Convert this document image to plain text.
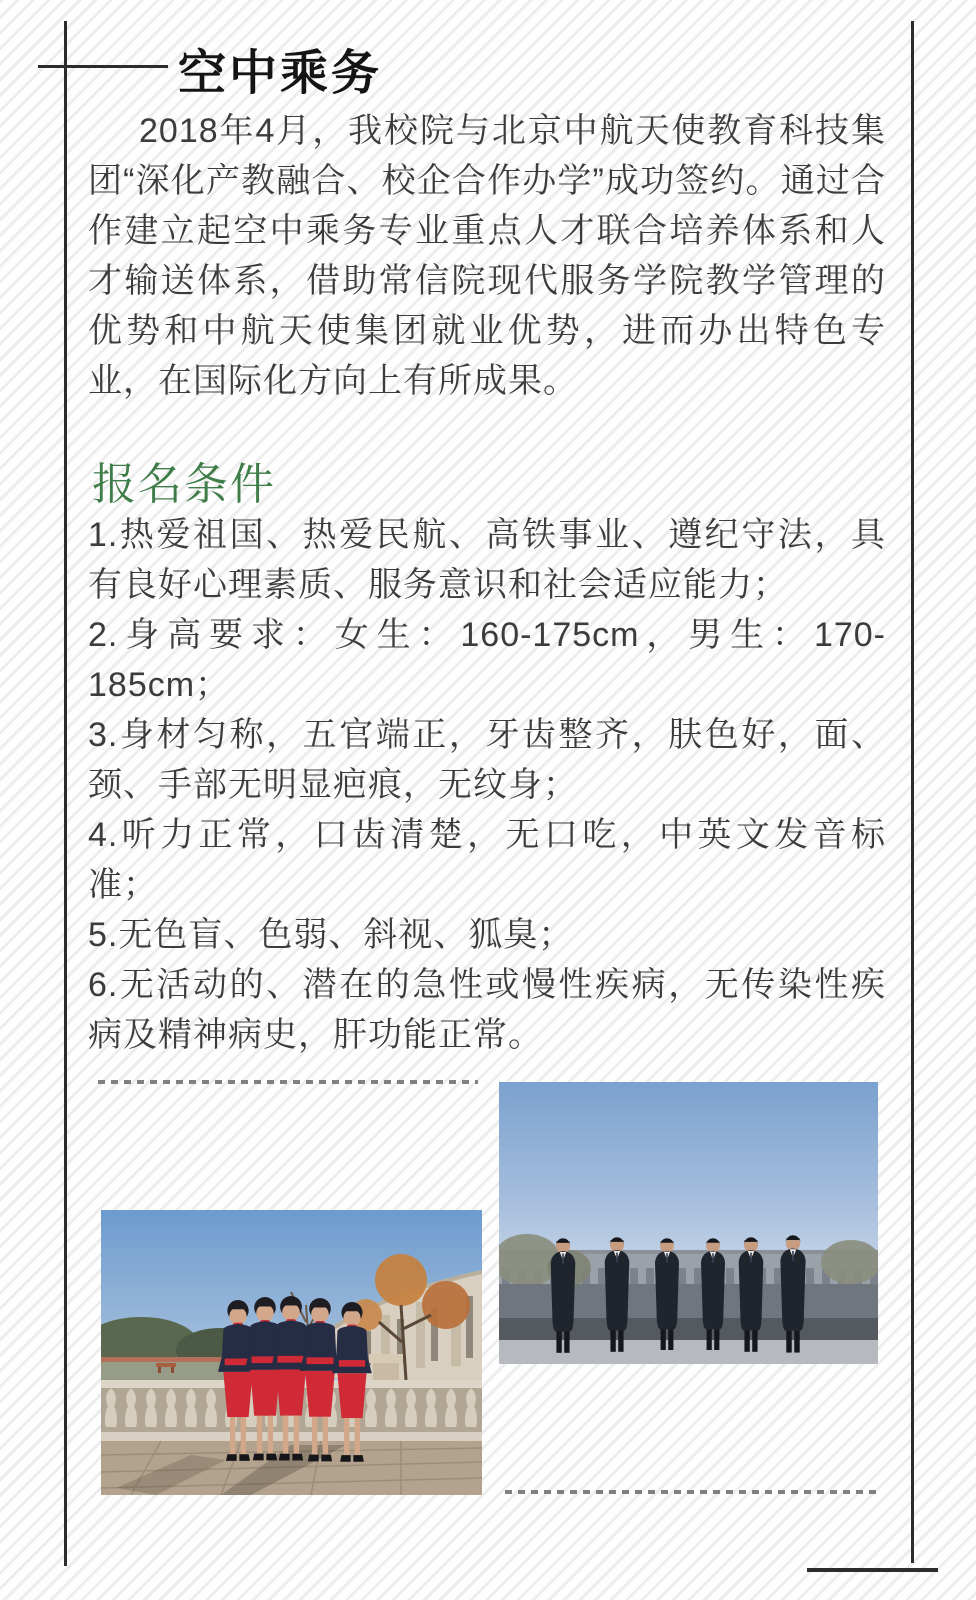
空中乘务

2018年4月，我校院与北京中航天使教育科技集团“深化产教融合、校企合作办学”成功签约。通过合作建立起空中乘务专业重点人才联合培养体系和人才输送体系，借助常信院现代服务学院教学管理的优势和中航天使集团就业优势，进而办出特色专业，在国际化方向上有所成果。

报名条件

1.热爱祖国、热爱民航、高铁事业、遵纪守法，具有良好心理素质、服务意识和社会适应能力；

2.身高要求：女生：160-175cm，男生：170-185cm；

3.身材匀称，五官端正，牙齿整齐，肤色好，面、颈、手部无明显疤痕，无纹身；

4.听力正常，口齿清楚，无口吃，中英文发音标准；

5.无色盲、色弱、斜视、狐臭；

6.无活动的、潜在的急性或慢性疾病，无传染性疾病及精神病史，肝功能正常。
